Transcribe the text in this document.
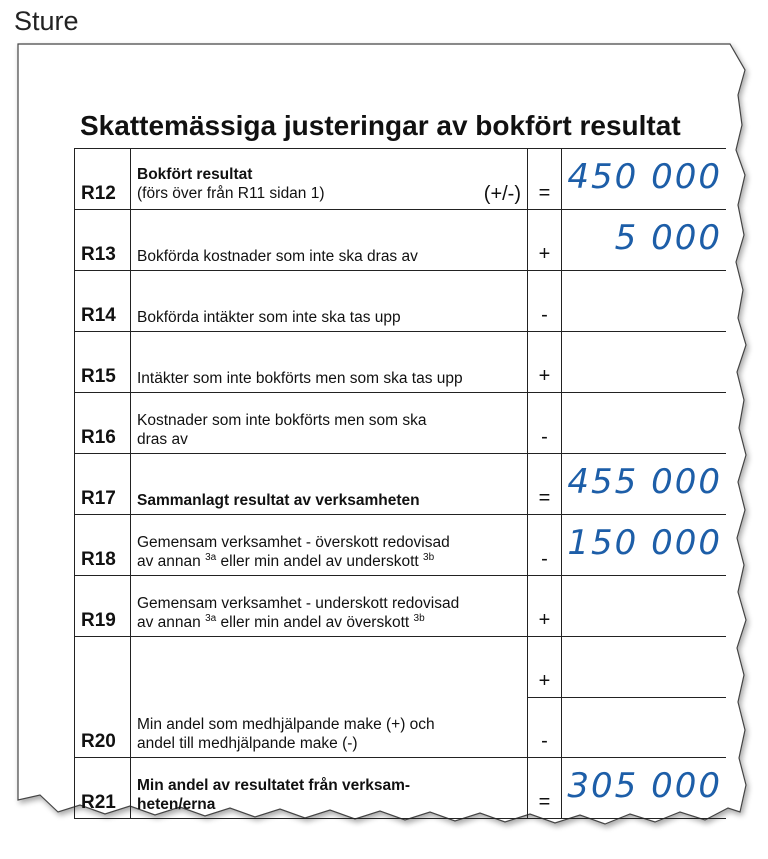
Sture
Skattemässiga justeringar av bokfört resultat
R12
Bokfört resultat
(förs över från R11 sidan 1)	(+/-) = 450 000
R13 Bokförda kostnader som inte ska dras av	+	5 000
R14 Bokförda intäkter som inte ska tas upp	-
R15 Intäkter som inte bokförts men som ska tas upp	+
R16
Kostnader som inte bokförts men som ska
dras av	-
R17 Sammanlagt resultat av verksamheten	= 455 000
R18
Gemensam verksamhet - överskott redovisad
av annan $^{3a}$ eller min andel av underskott $^{3b}$	- 150 000
R19
Gemensam verksamhet - underskott redovisad
av annan $^{3a}$ eller min andel av överskott $^{3b}$	+
R20
Min andel som medhjälpande make (+) och
andel till medhjälpande make (-)
+
-
R21
Min andel av resultatet från verksam-
heten/erna	= 305 000
